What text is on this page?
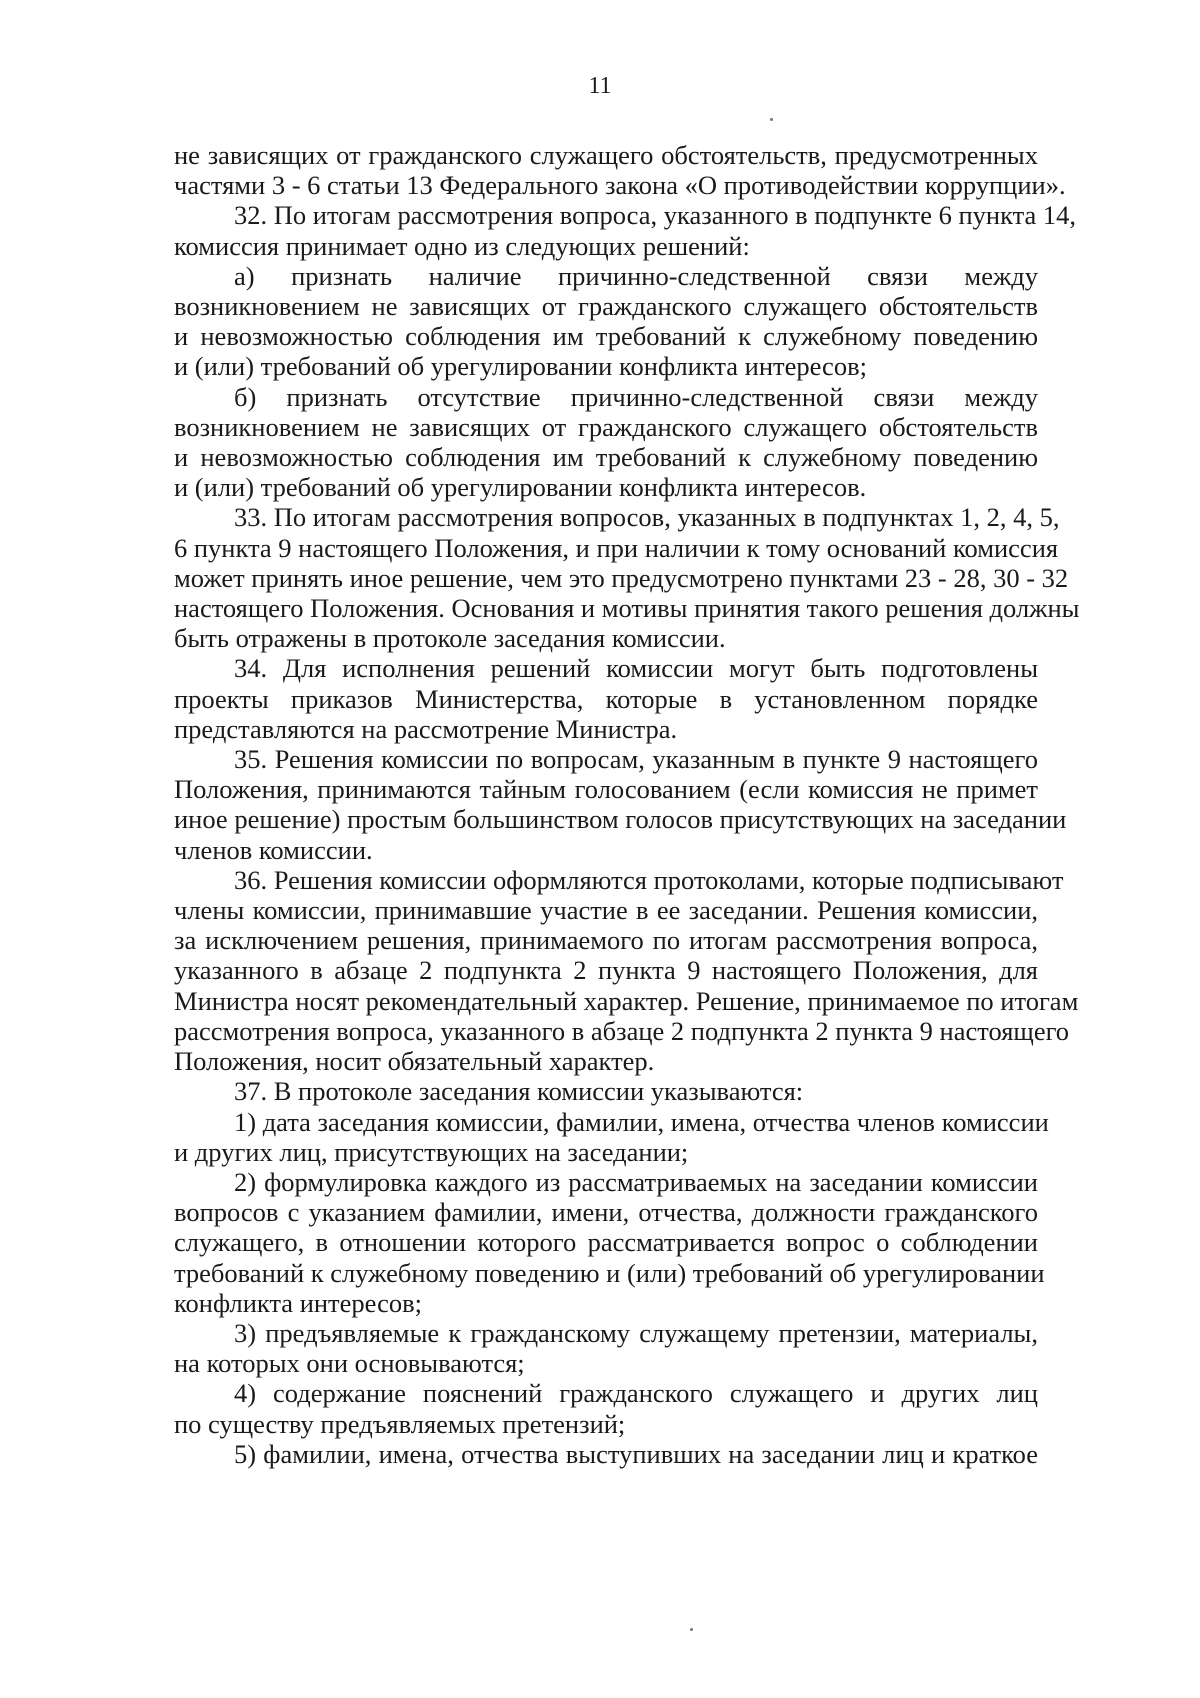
11
не зависящих от гражданского служащего обстоятельств, предусмотренных
частями 3 - 6 статьи 13 Федерального закона «О противодействии коррупции».
32. По итогам рассмотрения вопроса, указанного в подпункте 6 пункта 14,
комиссия принимает одно из следующих решений:
а) признать наличие причинно-следственной связи между
возникновением не зависящих от гражданского служащего обстоятельств
и невозможностью соблюдения им требований к служебному поведению
и (или) требований об урегулировании конфликта интересов;
б) признать отсутствие причинно-следственной связи между
возникновением не зависящих от гражданского служащего обстоятельств
и невозможностью соблюдения им требований к служебному поведению
и (или) требований об урегулировании конфликта интересов.
33. По итогам рассмотрения вопросов, указанных в подпунктах 1, 2, 4, 5,
6 пункта 9 настоящего Положения, и при наличии к тому оснований комиссия
может принять иное решение, чем это предусмотрено пунктами 23 - 28, 30 - 32
настоящего Положения. Основания и мотивы принятия такого решения должны
быть отражены в протоколе заседания комиссии.
34. Для исполнения решений комиссии могут быть подготовлены
проекты приказов Министерства, которые в установленном порядке
представляются на рассмотрение Министра.
35. Решения комиссии по вопросам, указанным в пункте 9 настоящего
Положения, принимаются тайным голосованием (если комиссия не примет
иное решение) простым большинством голосов присутствующих на заседании
членов комиссии.
36. Решения комиссии оформляются протоколами, которые подписывают
члены комиссии, принимавшие участие в ее заседании. Решения комиссии,
за исключением решения, принимаемого по итогам рассмотрения вопроса,
указанного в абзаце 2 подпункта 2 пункта 9 настоящего Положения, для
Министра носят рекомендательный характер. Решение, принимаемое по итогам
рассмотрения вопроса, указанного в абзаце 2 подпункта 2 пункта 9 настоящего
Положения, носит обязательный характер.
37. В протоколе заседания комиссии указываются:
1) дата заседания комиссии, фамилии, имена, отчества членов комиссии
и других лиц, присутствующих на заседании;
2) формулировка каждого из рассматриваемых на заседании комиссии
вопросов с указанием фамилии, имени, отчества, должности гражданского
служащего, в отношении которого рассматривается вопрос о соблюдении
требований к служебному поведению и (или) требований об урегулировании
конфликта интересов;
3) предъявляемые к гражданскому служащему претензии, материалы,
на которых они основываются;
4) содержание пояснений гражданского служащего и других лиц
по существу предъявляемых претензий;
5) фамилии, имена, отчества выступивших на заседании лиц и краткое
